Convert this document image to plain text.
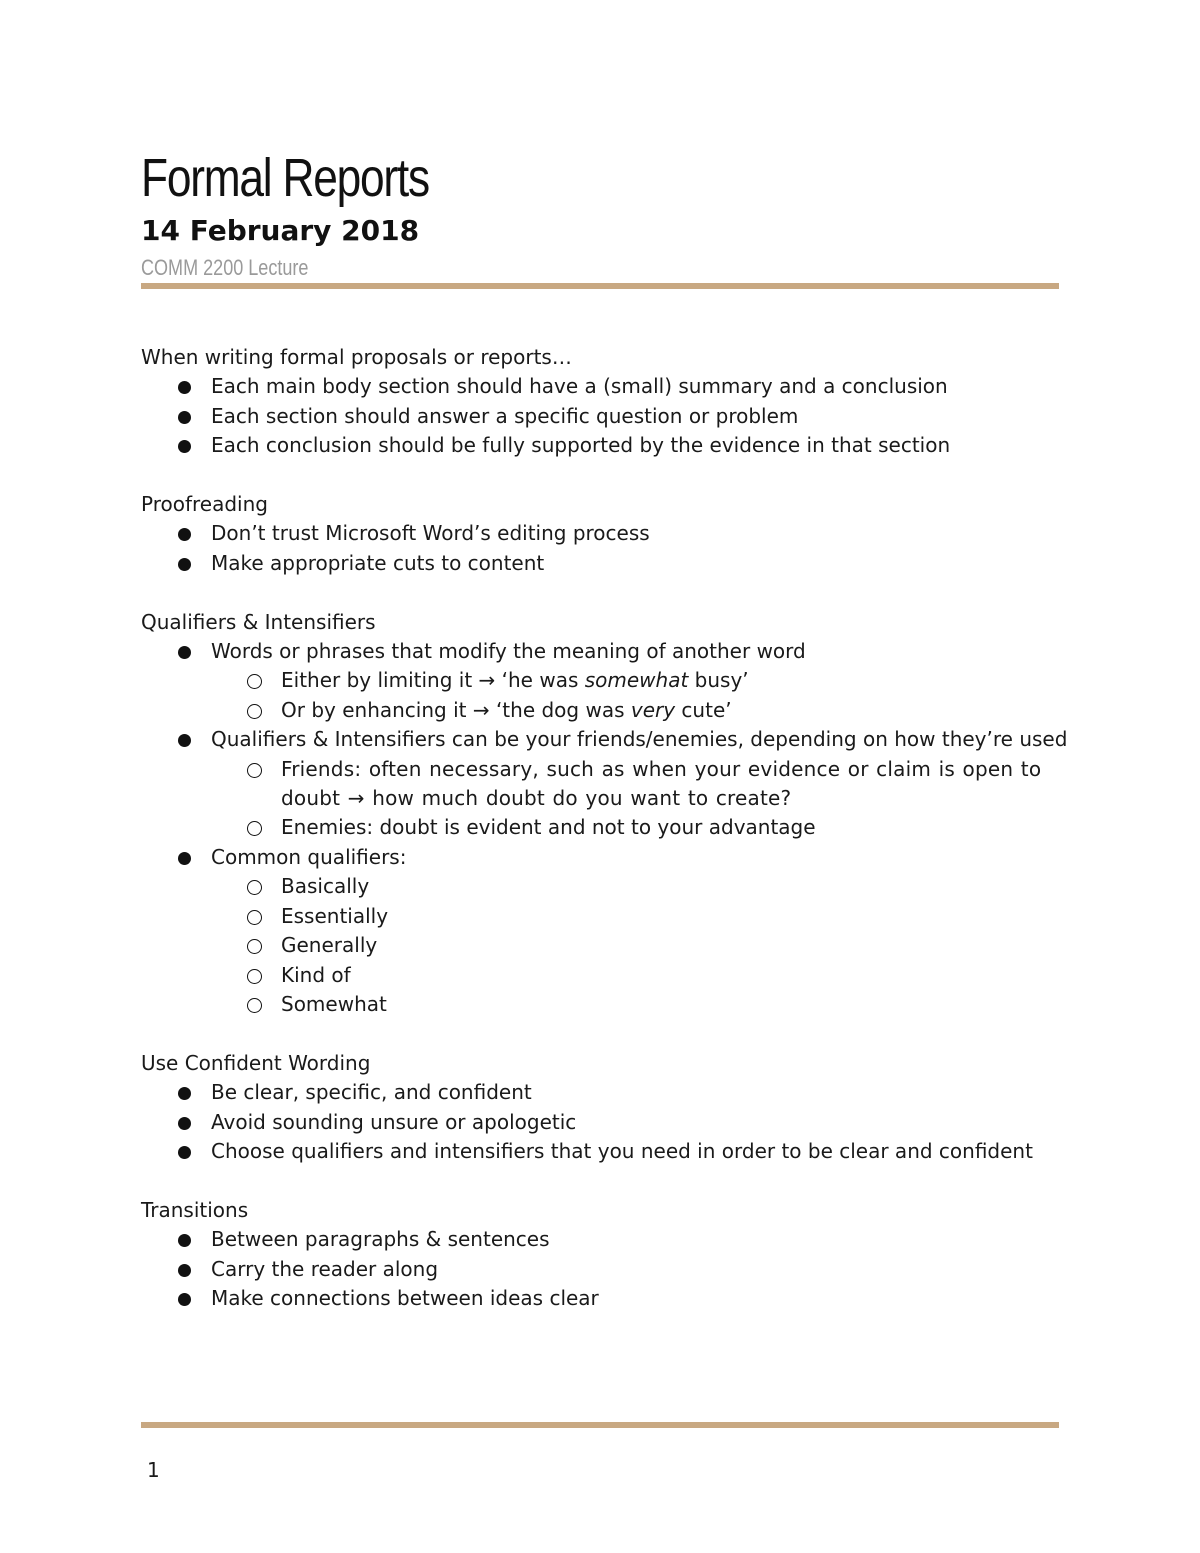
Formal Reports
14 February 2018
COMM 2200 Lecture

When writing formal proposals or reports…

Each main body section should have a (small) summary and a conclusion
Each section should answer a specific question or problem
Each conclusion should be fully supported by the evidence in that section

Proofreading

Don’t trust Microsoft Word’s editing process
Make appropriate cuts to content

Qualifiers & Intensifiers

Words or phrases that modify the meaning of another word
Either by limiting it → ‘he was somewhat busy’
Or by enhancing it → ‘the dog was very cute’
Qualifiers & Intensifiers can be your friends/enemies, depending on how they’re used
Friends: often necessary, such as when your evidence or claim is open to doubt → how much doubt do you want to create?
Enemies: doubt is evident and not to your advantage
Common qualifiers:
Basically
Essentially
Generally
Kind of
Somewhat

Use Confident Wording

Be clear, specific, and confident
Avoid sounding unsure or apologetic
Choose qualifiers and intensifiers that you need in order to be clear and confident

Transitions

Between paragraphs & sentences
Carry the reader along
Make connections between ideas clear
1
